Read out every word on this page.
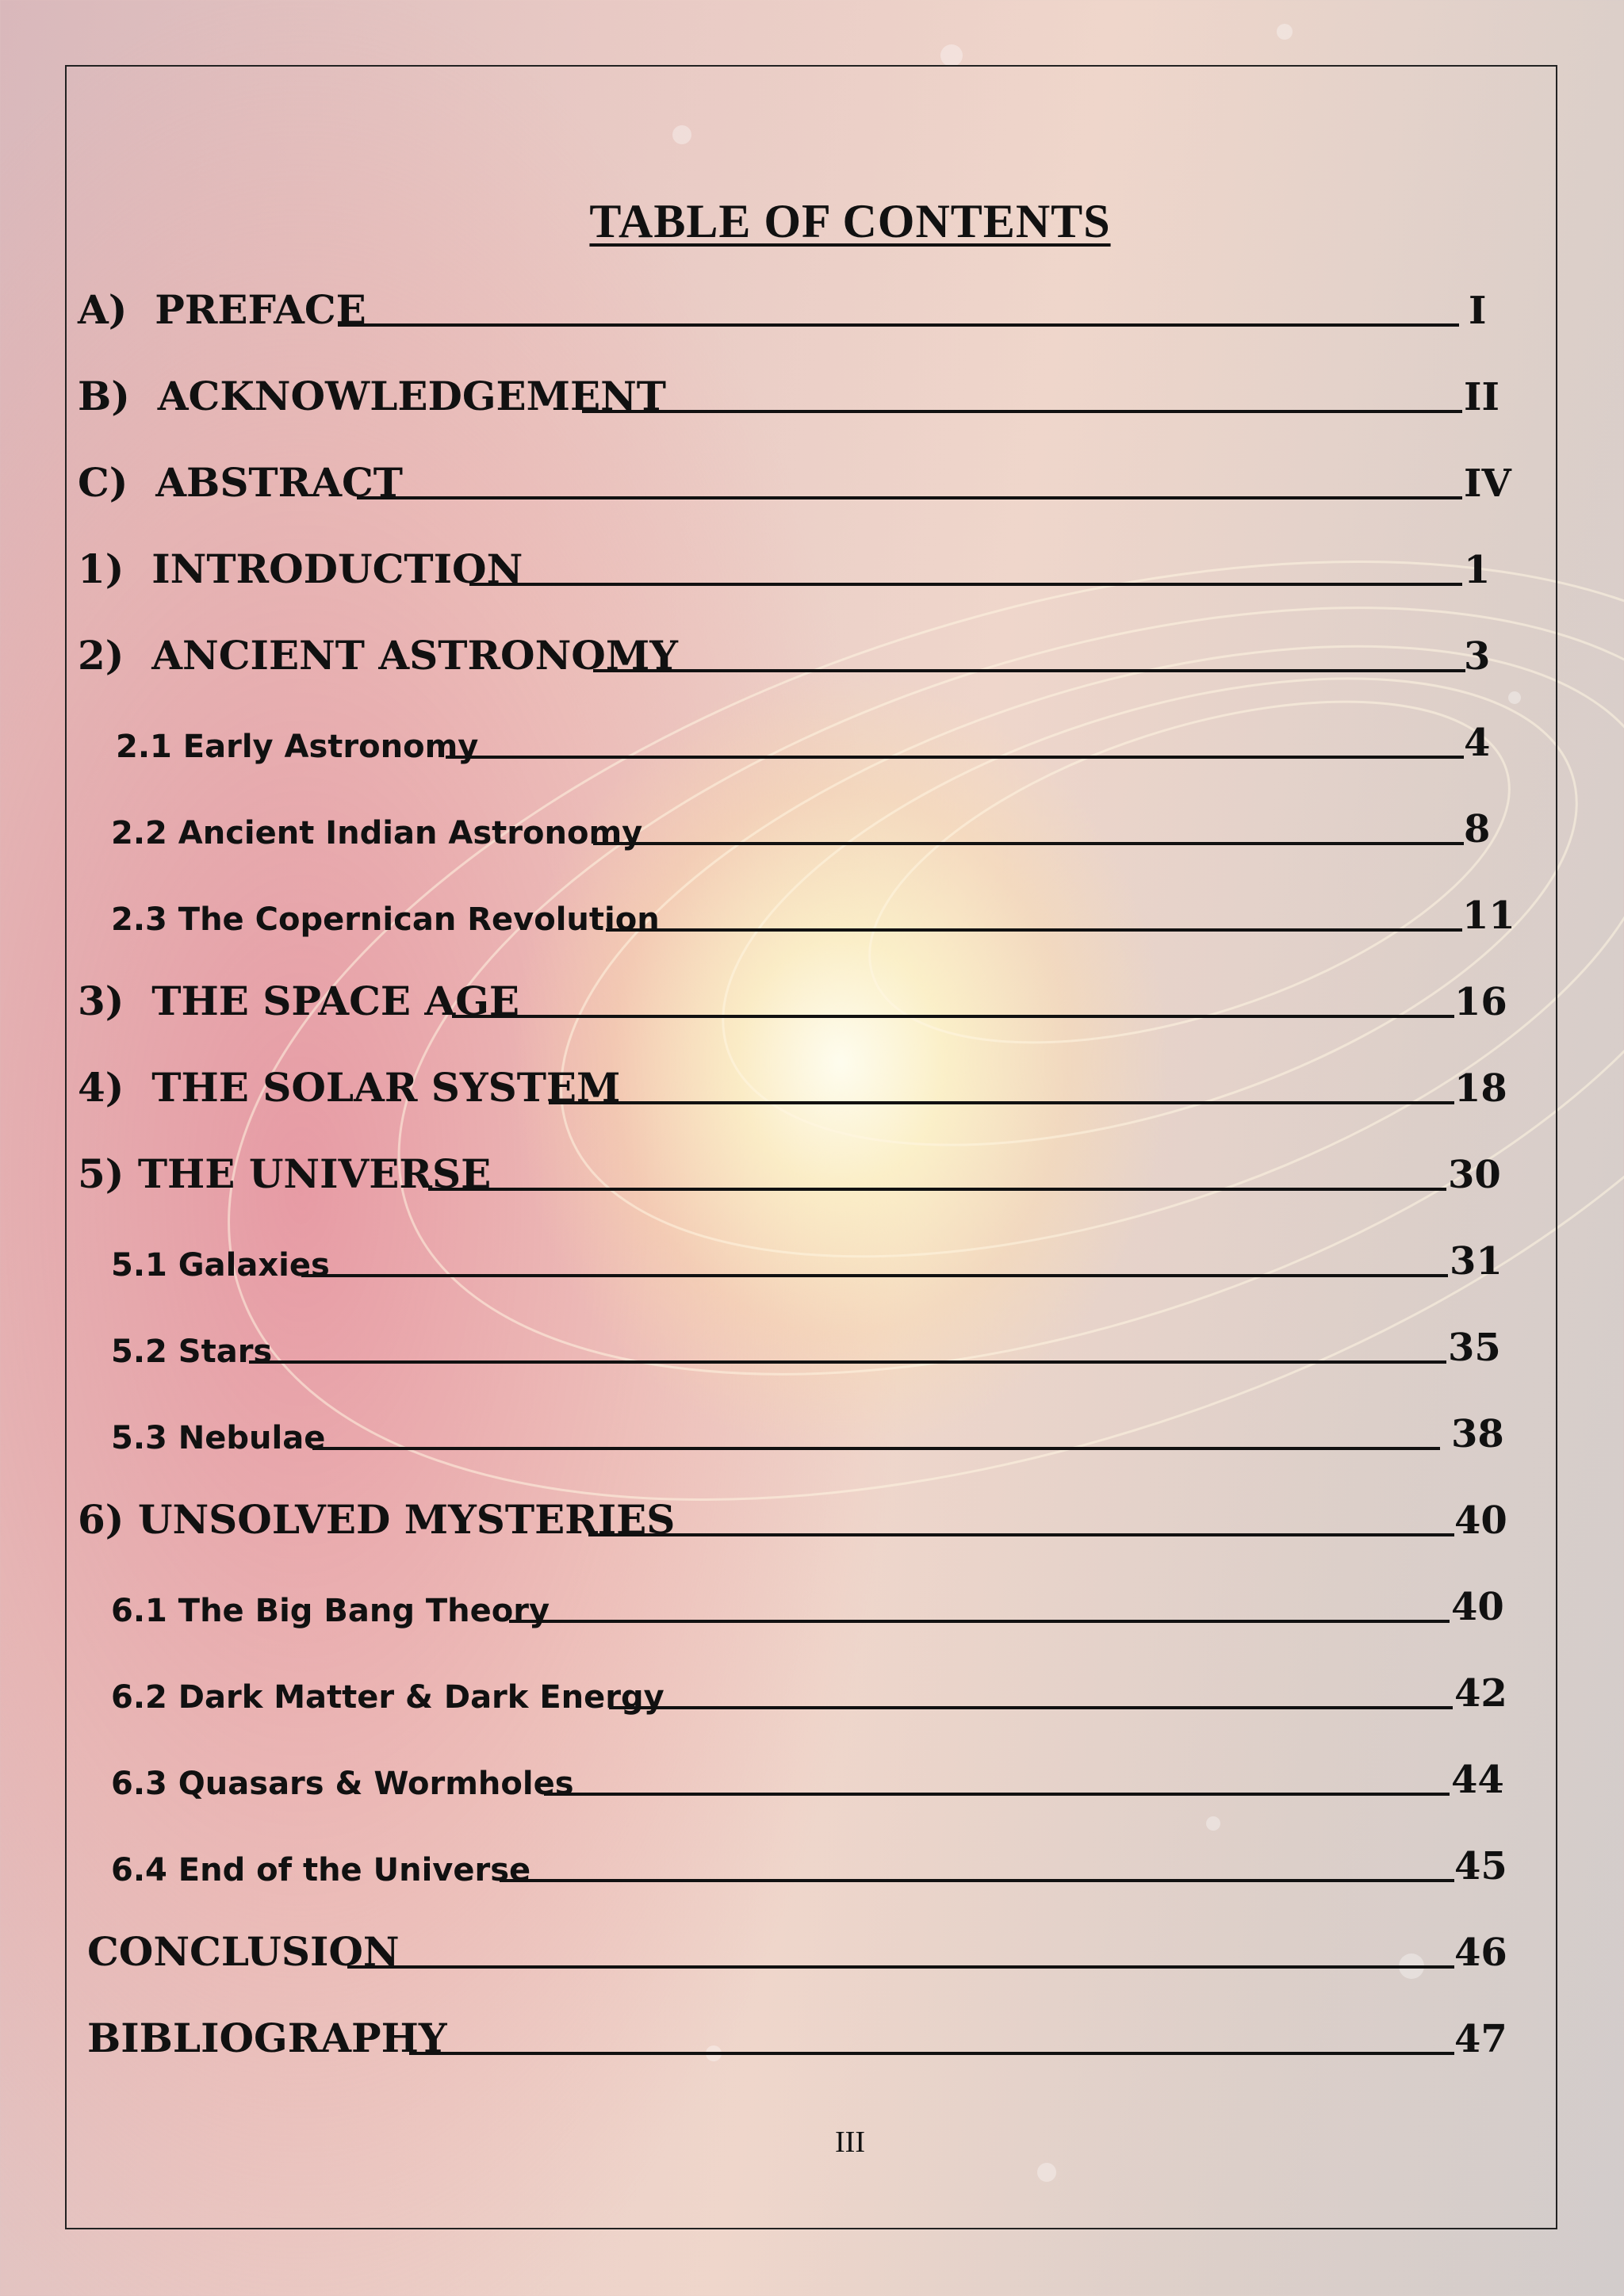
TABLE OF CONTENTS
A)  PREFACE	I
B)  ACKNOWLEDGEMENT	II
C)  ABSTRACT	IV
1)  INTRODUCTION	1
2)  ANCIENT ASTRONOMY	3
2.1 Early Astronomy	4
2.2 Ancient Indian Astronomy	8
2.3 The Copernican Revolution	11
3)  THE SPACE AGE	16
4)  THE SOLAR SYSTEM	18
5) THE UNIVERSE	30
5.1 Galaxies	31
5.2 Stars	35
5.3 Nebulae	38
6) UNSOLVED MYSTERIES	40
6.1 The Big Bang Theory	40
6.2 Dark Matter & Dark Energy	42
6.3 Quasars & Wormholes	44
6.4 End of the Universe	45
CONCLUSION	46
BIBLIOGRAPHY	47
III
